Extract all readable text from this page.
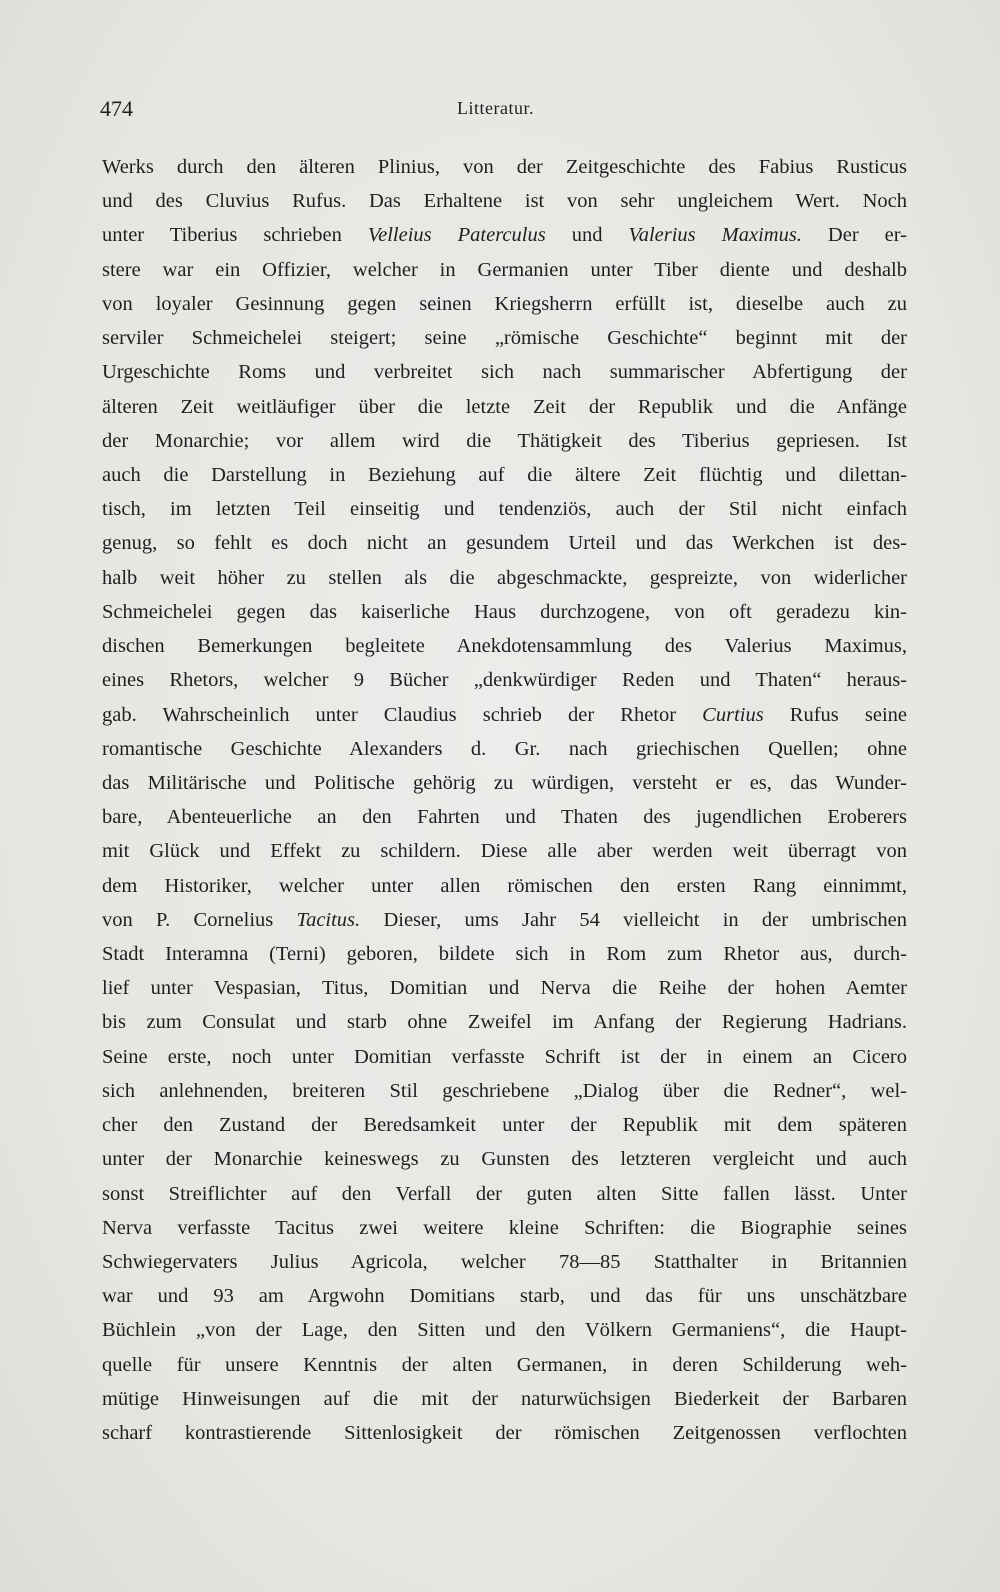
474	Litteratur.
Werks durch den älteren Plinius, von der Zeitgeschichte des Fabius Rusticus
und des Cluvius Rufus. Das Erhaltene ist von sehr ungleichem Wert. Noch
unter Tiberius schrieben Velleius Paterculus und Valerius Maximus. Der er-
stere war ein Offizier, welcher in Germanien unter Tiber diente und deshalb
von loyaler Gesinnung gegen seinen Kriegsherrn erfüllt ist, dieselbe auch zu
serviler Schmeichelei steigert; seine „römische Geschichte“ beginnt mit der
Urgeschichte Roms und verbreitet sich nach summarischer Abfertigung der
älteren Zeit weitläufiger über die letzte Zeit der Republik und die Anfänge
der Monarchie; vor allem wird die Thätigkeit des Tiberius gepriesen. Ist
auch die Darstellung in Beziehung auf die ältere Zeit flüchtig und dilettan-
tisch, im letzten Teil einseitig und tendenziös, auch der Stil nicht einfach
genug, so fehlt es doch nicht an gesundem Urteil und das Werkchen ist des-
halb weit höher zu stellen als die abgeschmackte, gespreizte, von widerlicher
Schmeichelei gegen das kaiserliche Haus durchzogene, von oft geradezu kin-
dischen Bemerkungen begleitete Anekdotensammlung des Valerius Maximus,
eines Rhetors, welcher 9 Bücher „denkwürdiger Reden und Thaten“ heraus-
gab. Wahrscheinlich unter Claudius schrieb der Rhetor Curtius Rufus seine
romantische Geschichte Alexanders d. Gr. nach griechischen Quellen; ohne
das Militärische und Politische gehörig zu würdigen, versteht er es, das Wunder-
bare, Abenteuerliche an den Fahrten und Thaten des jugendlichen Eroberers
mit Glück und Effekt zu schildern. Diese alle aber werden weit überragt von
dem Historiker, welcher unter allen römischen den ersten Rang einnimmt,
von P. Cornelius Tacitus. Dieser, ums Jahr 54 vielleicht in der umbrischen
Stadt Interamna (Terni) geboren, bildete sich in Rom zum Rhetor aus, durch-
lief unter Vespasian, Titus, Domitian und Nerva die Reihe der hohen Aemter
bis zum Consulat und starb ohne Zweifel im Anfang der Regierung Hadrians.
Seine erste, noch unter Domitian verfasste Schrift ist der in einem an Cicero
sich anlehnenden, breiteren Stil geschriebene „Dialog über die Redner“, wel-
cher den Zustand der Beredsamkeit unter der Republik mit dem späteren
unter der Monarchie keineswegs zu Gunsten des letzteren vergleicht und auch
sonst Streiflichter auf den Verfall der guten alten Sitte fallen lässt. Unter
Nerva verfasste Tacitus zwei weitere kleine Schriften: die Biographie seines
Schwiegervaters Julius Agricola, welcher 78—85 Statthalter in Britannien
war und 93 am Argwohn Domitians starb, und das für uns unschätzbare
Büchlein „von der Lage, den Sitten und den Völkern Germaniens“, die Haupt-
quelle für unsere Kenntnis der alten Germanen, in deren Schilderung weh-
mütige Hinweisungen auf die mit der naturwüchsigen Biederkeit der Barbaren
scharf kontrastierende Sittenlosigkeit der römischen Zeitgenossen verflochten
